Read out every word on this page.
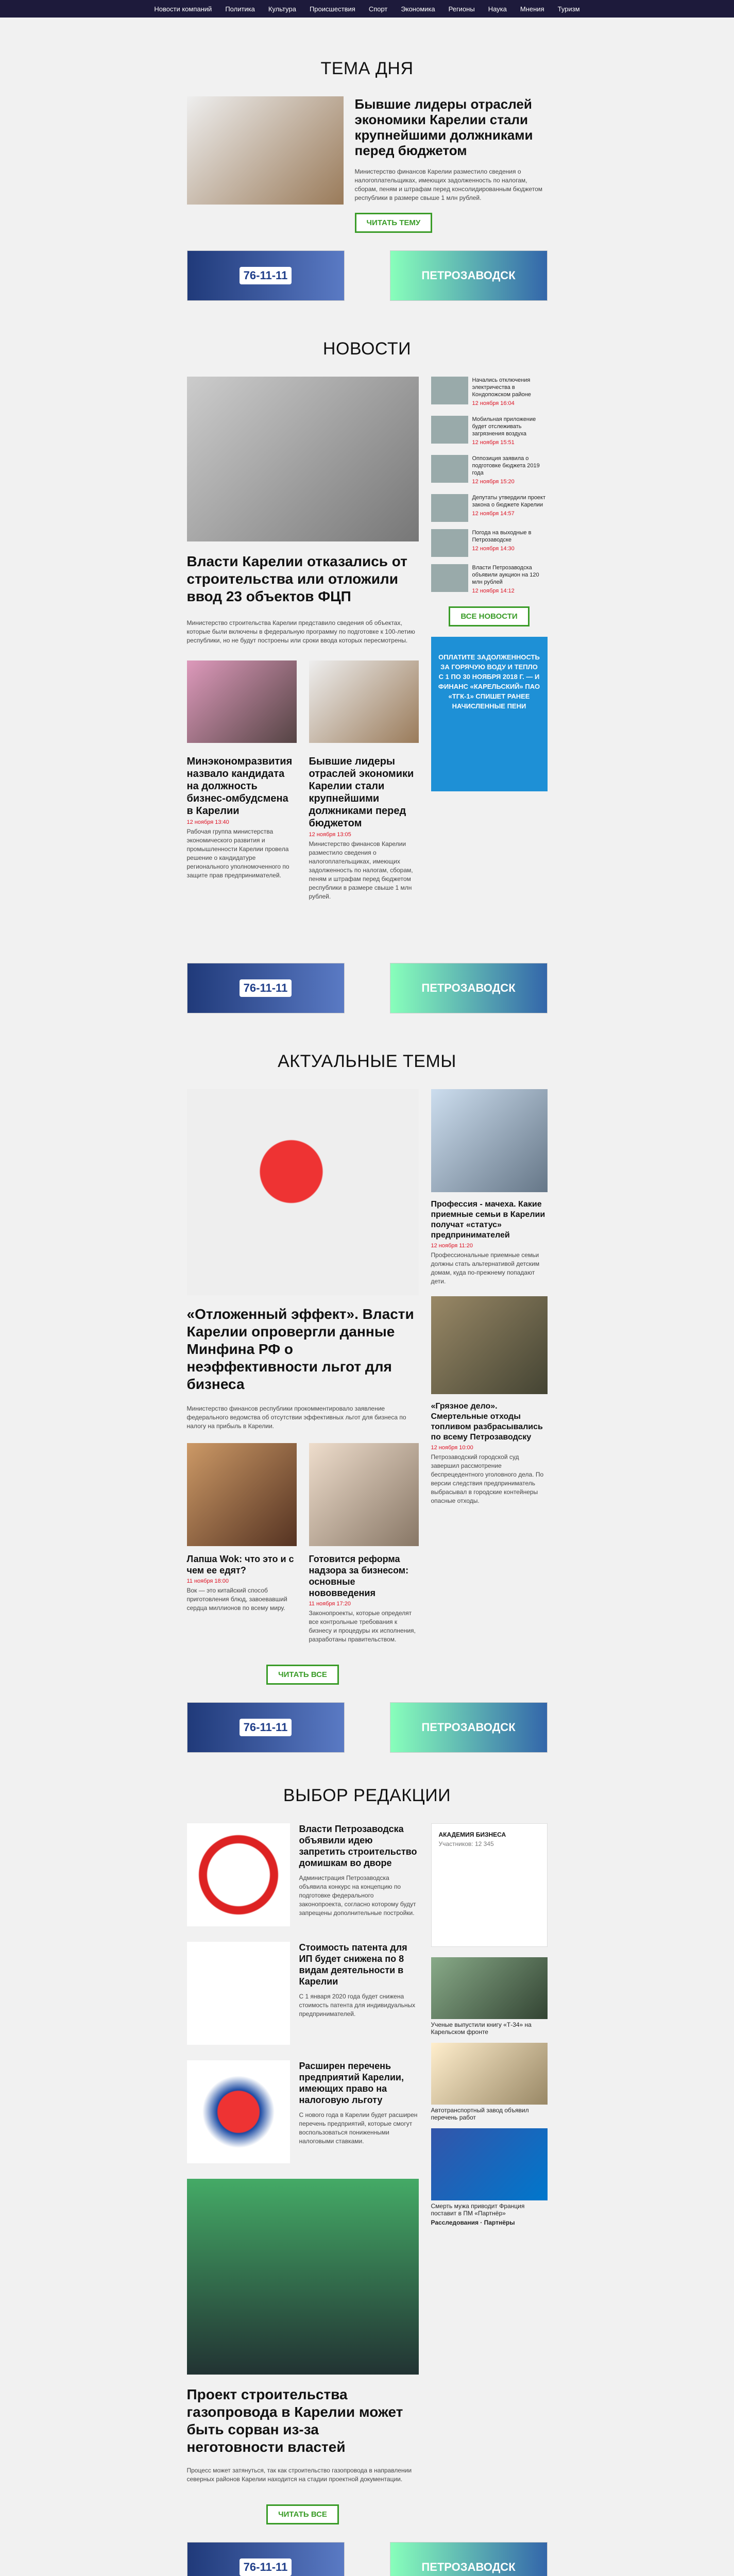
Новости компаний Политика Культура Происшествия Спорт Экономика Регионы Наука Мнения Туризм
ТЕМА ДНЯ
Бывшие лидеры отраслей экономики Карелии стали крупнейшими должниками перед бюджетом

Министерство финансов Карелии разместило сведения о налогоплательщиках, имеющих задолженность по налогам, сборам, пеням и штрафам перед консолидированным бюджетом республики в размере свыше 1 млн рублей.

ЧИТАТЬ ТЕМУ
76-11-11	ПЕТРОЗАВОДСК
НОВОСТИ
Власти Карелии отказались от строительства или отложили ввод 23 объектов ФЦП

Министерство строительства Карелии представило сведения об объектах, которые были включены в федеральную программу по подготовке к 100-летию республики, но не будут построены или сроки ввода которых пересмотрены.

Минэкономразвития назвало кандидата на должность бизнес-омбудсмена в Карелии
12 ноября 13:40

Рабочая группа министерства экономического развития и промышленности Карелии провела решение о кандидатуре регионального уполномоченного по защите прав предпринимателей.

Бывшие лидеры отраслей экономики Карелии стали крупнейшими должниками перед бюджетом
12 ноября 13:05

Министерство финансов Карелии разместило сведения о налогоплательщиках, имеющих задолженность по налогам, сборам, пеням и штрафам перед бюджетом республики в размере свыше 1 млн рублей.

Начались отключения электричества в Кондопожском районе
12 ноября 16:04
Мобильная приложение будет отслеживать загрязнения воздуха
12 ноября 15:51
Оппозиция заявила о подготовке бюджета 2019 года
12 ноября 15:20
Депутаты утвердили проект закона о бюджете Карелии
12 ноября 14:57
Погода на выходные в Петрозаводске
12 ноября 14:30
Власти Петрозаводска объявили аукцион на 120 млн рублей
12 ноября 14:12
ВСЕ НОВОСТИ
ОПЛАТИТЕ ЗАДОЛЖЕННОСТЬ ЗА ГОРЯЧУЮ ВОДУ И ТЕПЛО С 1 ПО 30 НОЯБРЯ 2018 Г. — И ФИНАНС «КАРЕЛЬСКИЙ» ПАО «ТГК-1» СПИШЕТ РАНЕЕ НАЧИСЛЕННЫЕ ПЕНИ
76-11-11	ПЕТРОЗАВОДСК
АКТУАЛЬНЫЕ ТЕМЫ
«Отложенный эффект». Власти Карелии опровергли данные Минфина РФ о неэффективности льгот для бизнеса

Министерство финансов республики прокомментировало заявление федерального ведомства об отсутствии эффективных льгот для бизнеса по налогу на прибыль в Карелии.

Лапша Wok: что это и с чем ее едят?
11 ноября 18:00

Вок — это китайский способ приготовления блюд, завоевавший сердца миллионов по всему миру.

Готовится реформа надзора за бизнесом: основные нововведения
11 ноября 17:20

Законопроекты, которые определят все контрольные требования к бизнесу и процедуры их исполнения, разработаны правительством.

ЧИТАТЬ ВСЕ
Профессия - мачеха. Какие приемные семьи в Карелии получат «статус» предпринимателей
12 ноября 11:20

Профессиональные приемные семьи должны стать альтернативой детским домам, куда по-прежнему попадают дети.

«Грязное дело». Смертельные отходы топливом разбрасывались по всему Петрозаводску
12 ноября 10:00

Петрозаводский городской суд завершил рассмотрение беспрецедентного уголовного дела. По версии следствия предприниматель выбрасывал в городские контейнеры опасные отходы.

76-11-11	ПЕТРОЗАВОДСК
ВЫБОР РЕДАКЦИИ
Власти Петрозаводска объявили идею запретить строительство домишкам во дворе

Администрация Петрозаводска объявила конкурс на концепцию по подготовке федерального законопроекта, согласно которому будут запрещены дополнительные постройки.

Стоимость патента для ИП будет снижена по 8 видам деятельности в Карелии

С 1 января 2020 года будет снижена стоимость патента для индивидуальных предпринимателей.

Расширен перечень предприятий Карелии, имеющих право на налоговую льготу

С нового года в Карелии будет расширен перечень предприятий, которые смогут воспользоваться пониженными налоговыми ставками.

Проект строительства газопровода в Карелии может быть сорван из-за неготовности властей

Процесс может затянуться, так как строительство газопровода в направлении северных районов Карелии находится на стадии проектной документации.

ЧИТАТЬ ВСЕ
АКАДЕМИЯ БИЗНЕСА
Участников: 12 345
Ученые выпустили книгу «Т-34» на Карельском фронте
Автотранспортный завод объявил перечень работ
Смерть мужа приводит Франция поставит в ПМ «Партнёр»
Расследования · Партнёры
76-11-11	ПЕТРОЗАВОДСК
